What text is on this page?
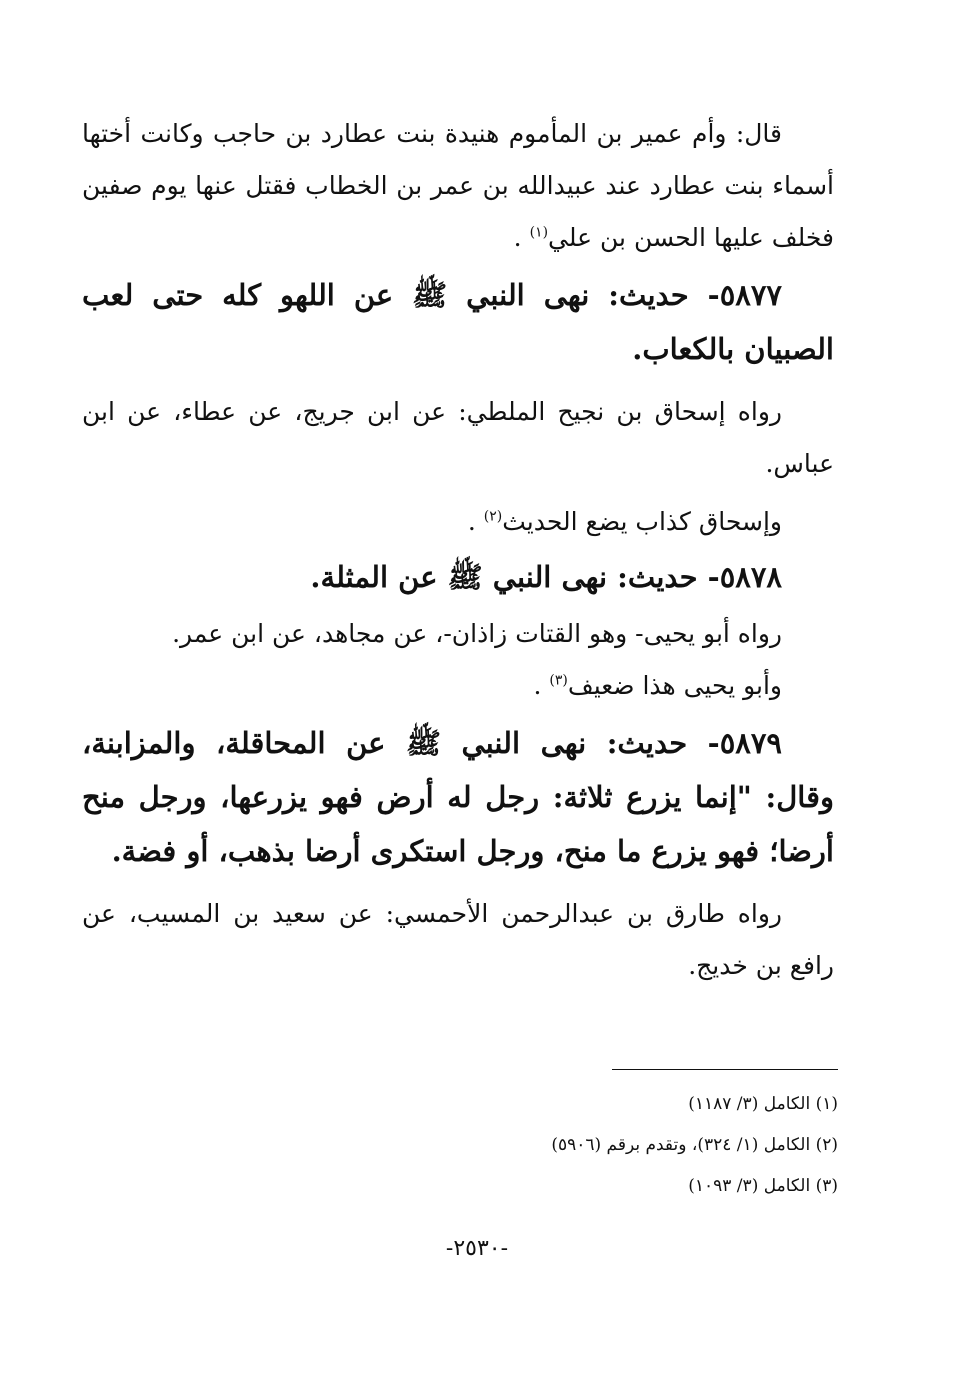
قال: وأم عمير بن المأموم هنيدة بنت عطارد بن حاجب وكانت أختها أسماء بنت عطارد عند عبيدالله بن عمر بن الخطاب فقتل عنها يوم صفين فخلف عليها الحسن بن علي$^{(١)}$ .

٥٨٧٧- حديث: نهى النبي ﷺ عن اللهو كله حتى لعب الصبيان بالكعاب.

رواه إسحاق بن نجيح الملطي: عن ابن جريج، عن عطاء، عن ابن عباس.

وإسحاق كذاب يضع الحديث$^{(٢)}$ .

٥٨٧٨- حديث: نهى النبي ﷺ عن المثلة.

رواه أبو يحيى- وهو القتات زاذان-، عن مجاهد، عن ابن عمر.

وأبو يحيى هذا ضعيف$^{(٣)}$ .

٥٨٧٩- حديث: نهى النبي ﷺ عن المحاقلة، والمزابنة، وقال: "إنما يزرع ثلاثة: رجل له أرض فهو يزرعها، ورجل منح أرضا؛ فهو يزرع ما منح، ورجل استكرى أرضا بذهب، أو فضة.

رواه طارق بن عبدالرحمن الأحمسي: عن سعيد بن المسيب، عن رافع بن خديج.

(١) الكامل (٣/ ١١٨٧)
(٢) الكامل (١/ ٣٢٤)، وتقدم برقم (٥٩٠٦)
(٣) الكامل (٣/ ١٠٩٣)
-٢٥٣٠-
